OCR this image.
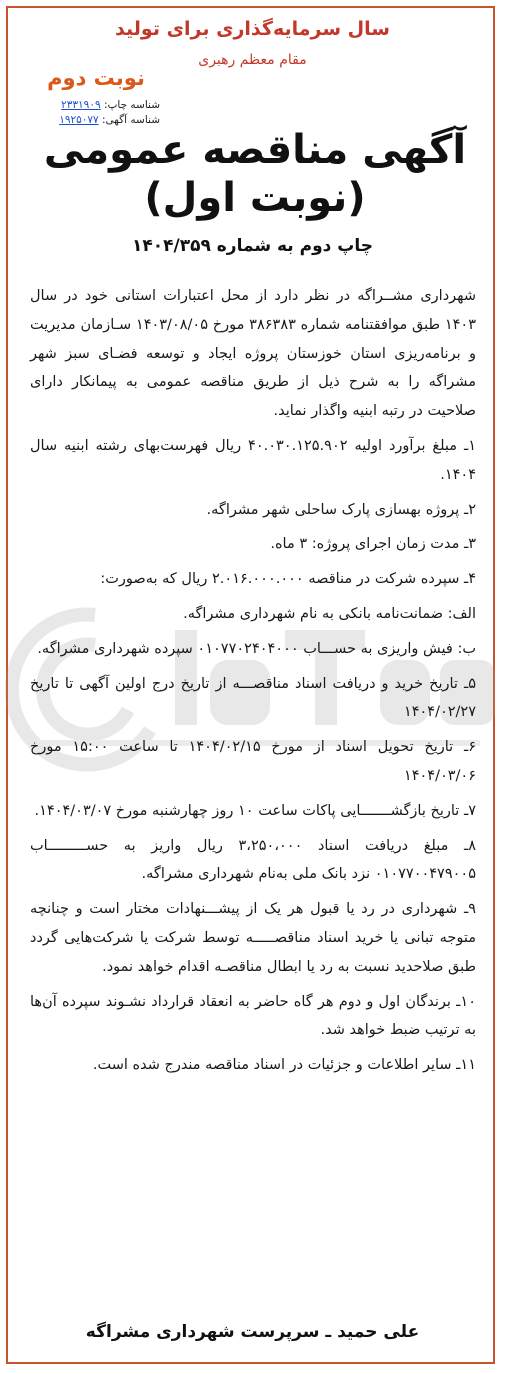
سال سرمایه‌گذاری برای تولید
مقام معظم رهبری
نوبت دوم
شناسه چاپ: ۲۳۳۱۹۰۹
شناسه آگهی: ۱۹۲۵۰۷۷
آگهی مناقصه عمومی
(نوبت اول)
چاپ دوم به شماره ۱۴۰۴/۳۵۹

شهرداری مشــراگه در نظر دارد از محل اعتبارات استانی خود در سال ۱۴۰۳ طبق موافقتنامه شماره ۳۸۶۳۸۳ مورخ ۱۴۰۳/۰۸/۰۵ سـازمان مدیریت و برنامه‌ریزی استان خوزستان پروژه ایجاد و توسعه فضـای سبز شهر مشراگه را به شرح ذیل از طریق مناقصه عمومی به پیمانکار دارای صلاحیت در رتبه ابنیه واگذار نماید.

۱ـ مبلغ برآورد اولیه ۴۰.۰۳۰.۱۲۵.۹۰۲ ریال فهرست‌بهای رشته ابنیه سال ۱۴۰۴.

۲ـ پروژه بهسازی پارک ساحلی شهر مشراگه.

۳ـ مدت زمان اجرای پروژه: ۳ ماه.

۴ـ سپرده شرکت در مناقصه ۲.۰۱۶.۰۰۰.۰۰۰ ریال که به‌صورت:

الف: ضمانت‌نامه بانکی به نام شهرداری مشراگه.

ب: فیش واریزی به حســـاب ۰۱۰۷۷۰۲۴۰۴۰۰۰ سپرده شهرداری مشراگه.

۵ـ تاریخ خرید و دریافت اسناد مناقصـــه از تاریخ درج اولین آگهی تا تاریخ ۱۴۰۴/۰۲/۲۷

۶ـ تاریخ تحویل اسناد از مورخ ۱۴۰۴/۰۲/۱۵ تا ساعت ۱۵:۰۰ مورخ ۱۴۰۴/۰۳/۰۶

۷ـ تاریخ بازگشـــــــایی پاکات ساعت ۱۰ روز چهارشنبه مورخ ۱۴۰۴/۰۳/۰۷.

۸ـ مبلغ دریافت اسناد ۳،۲۵۰،۰۰۰ ریال واریز به حســـــــــاب ۰۱۰۷۷۰۰۴۷۹۰۰۵ نزد بانک ملی به‌نام شهرداری مشراگه.

۹ـ شهرداری در رد یا قبول هر یک از پیشـــنهادات مختار است و چنانچه متوجه تبانی یا خرید اسناد مناقصـــــه توسط شرکت یا شرکت‌هایی گردد طبق صلاحدید نسبت به رد یا ابطال مناقصـه اقدام خواهد نمود.

۱۰ـ برندگان اول و دوم هر گاه حاضر به انعقاد قرارداد نشـوند سپرده آن‌ها به ترتیب ضبط خواهد شد.

۱۱ـ سایر اطلاعات و جزئیات در اسناد مناقصه مندرج شده است.

علی حمید ـ سرپرست شهرداری مشراگه
